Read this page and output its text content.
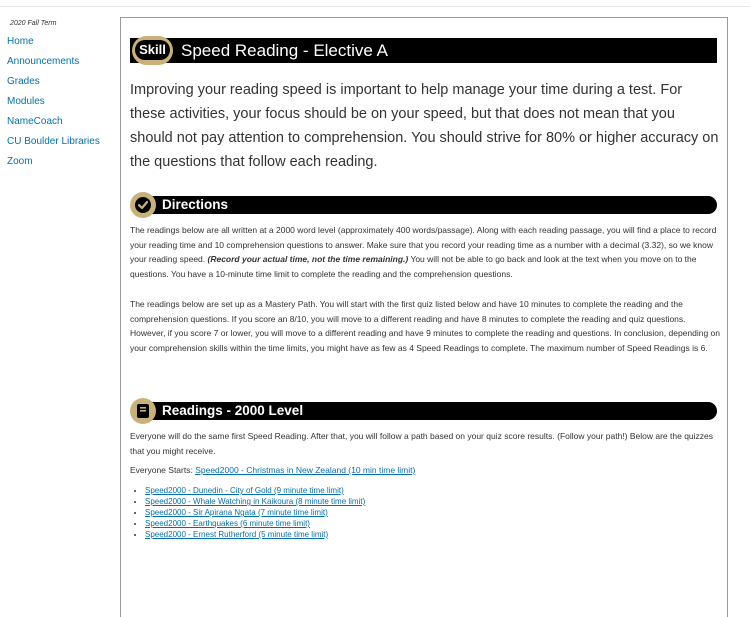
2020 Fall Term
Home
Announcements
Grades
Modules
NameCoach
CU Boulder Libraries
Zoom
Skill Speed Reading - Elective A
Improving your reading speed is important to help manage your time during a test. For these activities, your focus should be on your speed, but that does not mean that you should not pay attention to comprehension. You should strive for 80% or higher accuracy on the questions that follow each reading.
Directions
The readings below are all written at a 2000 word level (approximately 400 words/passage). Along with each reading passage, you will find a place to record your reading time and 10 comprehension questions to answer. Make sure that you record your reading time as a number with a decimal (3.32), so we know your reading speed. (Record your actual time, not the time remaining.) You will not be able to go back and look at the text when you move on to the questions. You have a 10-minute time limit to complete the reading and the comprehension questions.
The readings below are set up as a Mastery Path. You will start with the first quiz listed below and have 10 minutes to complete the reading and the comprehension questions. If you score an 8/10, you will move to a different reading and have 8 minutes to complete the reading and quiz questions. However, if you score 7 or lower, you will move to a different reading and have 9 minutes to complete the reading and questions. In conclusion, depending on your comprehension skills within the time limits, you might have as few as 4 Speed Readings to complete. The maximum number of Speed Readings is 6.
Readings - 2000 Level
Everyone will do the same first Speed Reading. After that, you will follow a path based on your quiz score results. (Follow your path!) Below are the quizzes that you might receive.
Everyone Starts: Speed2000 - Christmas in New Zealand (10 min time limit)
• Speed2000 - Dunedin - City of Gold (9 minute time limit)
• Speed2000 - Whale Watching in Kaikoura (8 minute time limit)
• Speed2000 - Sir Apirana Ngata (7 minute time limit)
• Speed2000 - Earthquakes (6 minute time limit)
• Speed2000 - Ernest Rutherford (5 minute time limit)
